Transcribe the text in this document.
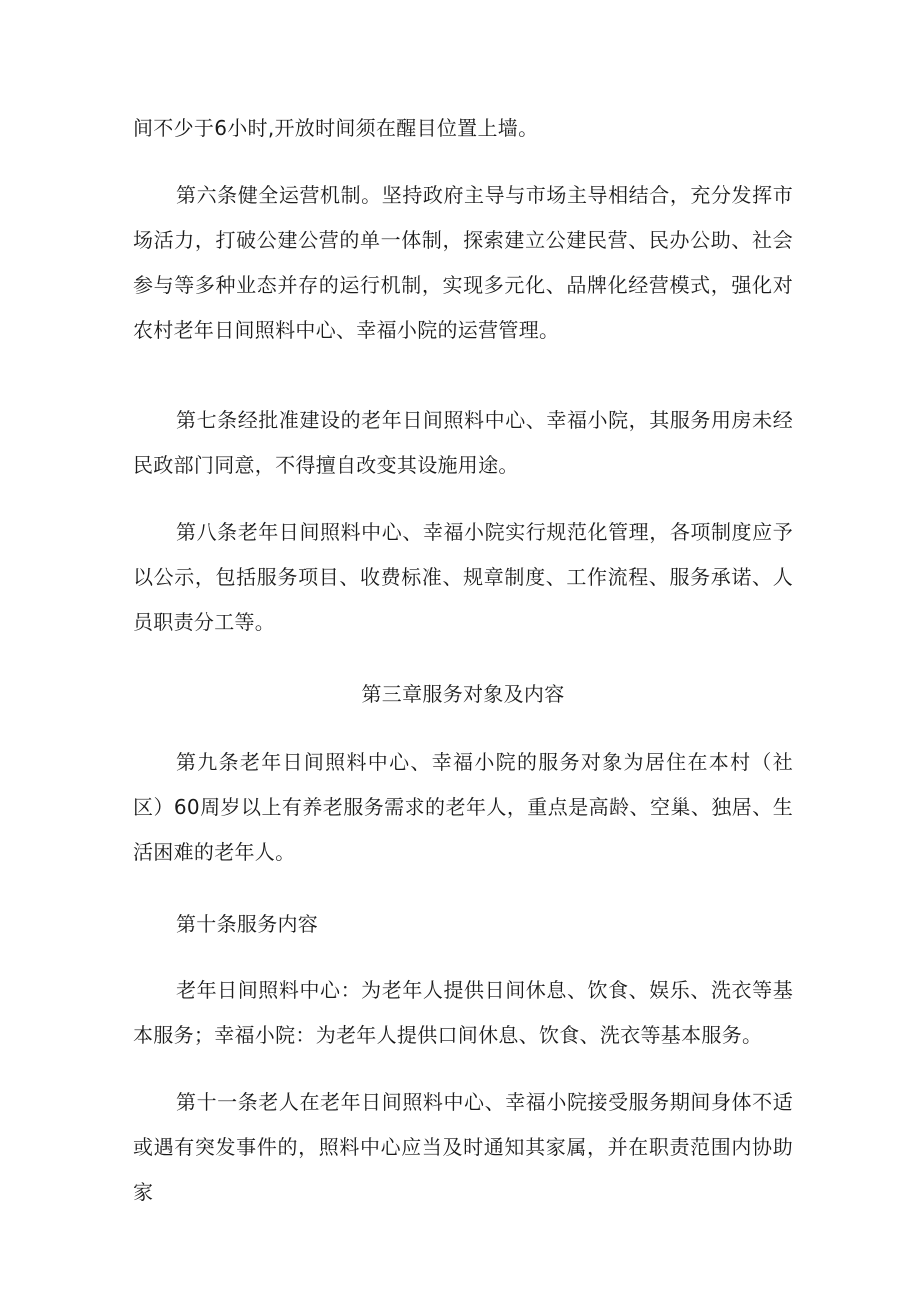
间不少于6小时,开放时间须在醒目位置上墙。

第六条健全运营机制。坚持政府主导与市场主导相结合，充分发挥市场活力，打破公建公营的单一体制，探索建立公建民营、民办公助、社会参与等多种业态并存的运行机制，实现多元化、品牌化经营模式，强化对农村老年日间照料中心、幸福小院的运营管理。

第七条经批准建设的老年日间照料中心、幸福小院，其服务用房未经民政部门同意，不得擅自改变其设施用途。

第八条老年日间照料中心、幸福小院实行规范化管理，各项制度应予以公示，包括服务项目、收费标准、规章制度、工作流程、服务承诺、人员职责分工等。

第三章服务对象及内容

第九条老年日间照料中心、幸福小院的服务对象为居住在本村（社区）60周岁以上有养老服务需求的老年人，重点是高龄、空巢、独居、生活困难的老年人。

第十条服务内容

老年日间照料中心：为老年人提供日间休息、饮食、娱乐、洗衣等基本服务；幸福小院：为老年人提供口间休息、饮食、洗衣等基本服务。

第十一条老人在老年日间照料中心、幸福小院接受服务期间身体不适或遇有突发事件的，照料中心应当及时通知其家属，并在职责范围内协助家
